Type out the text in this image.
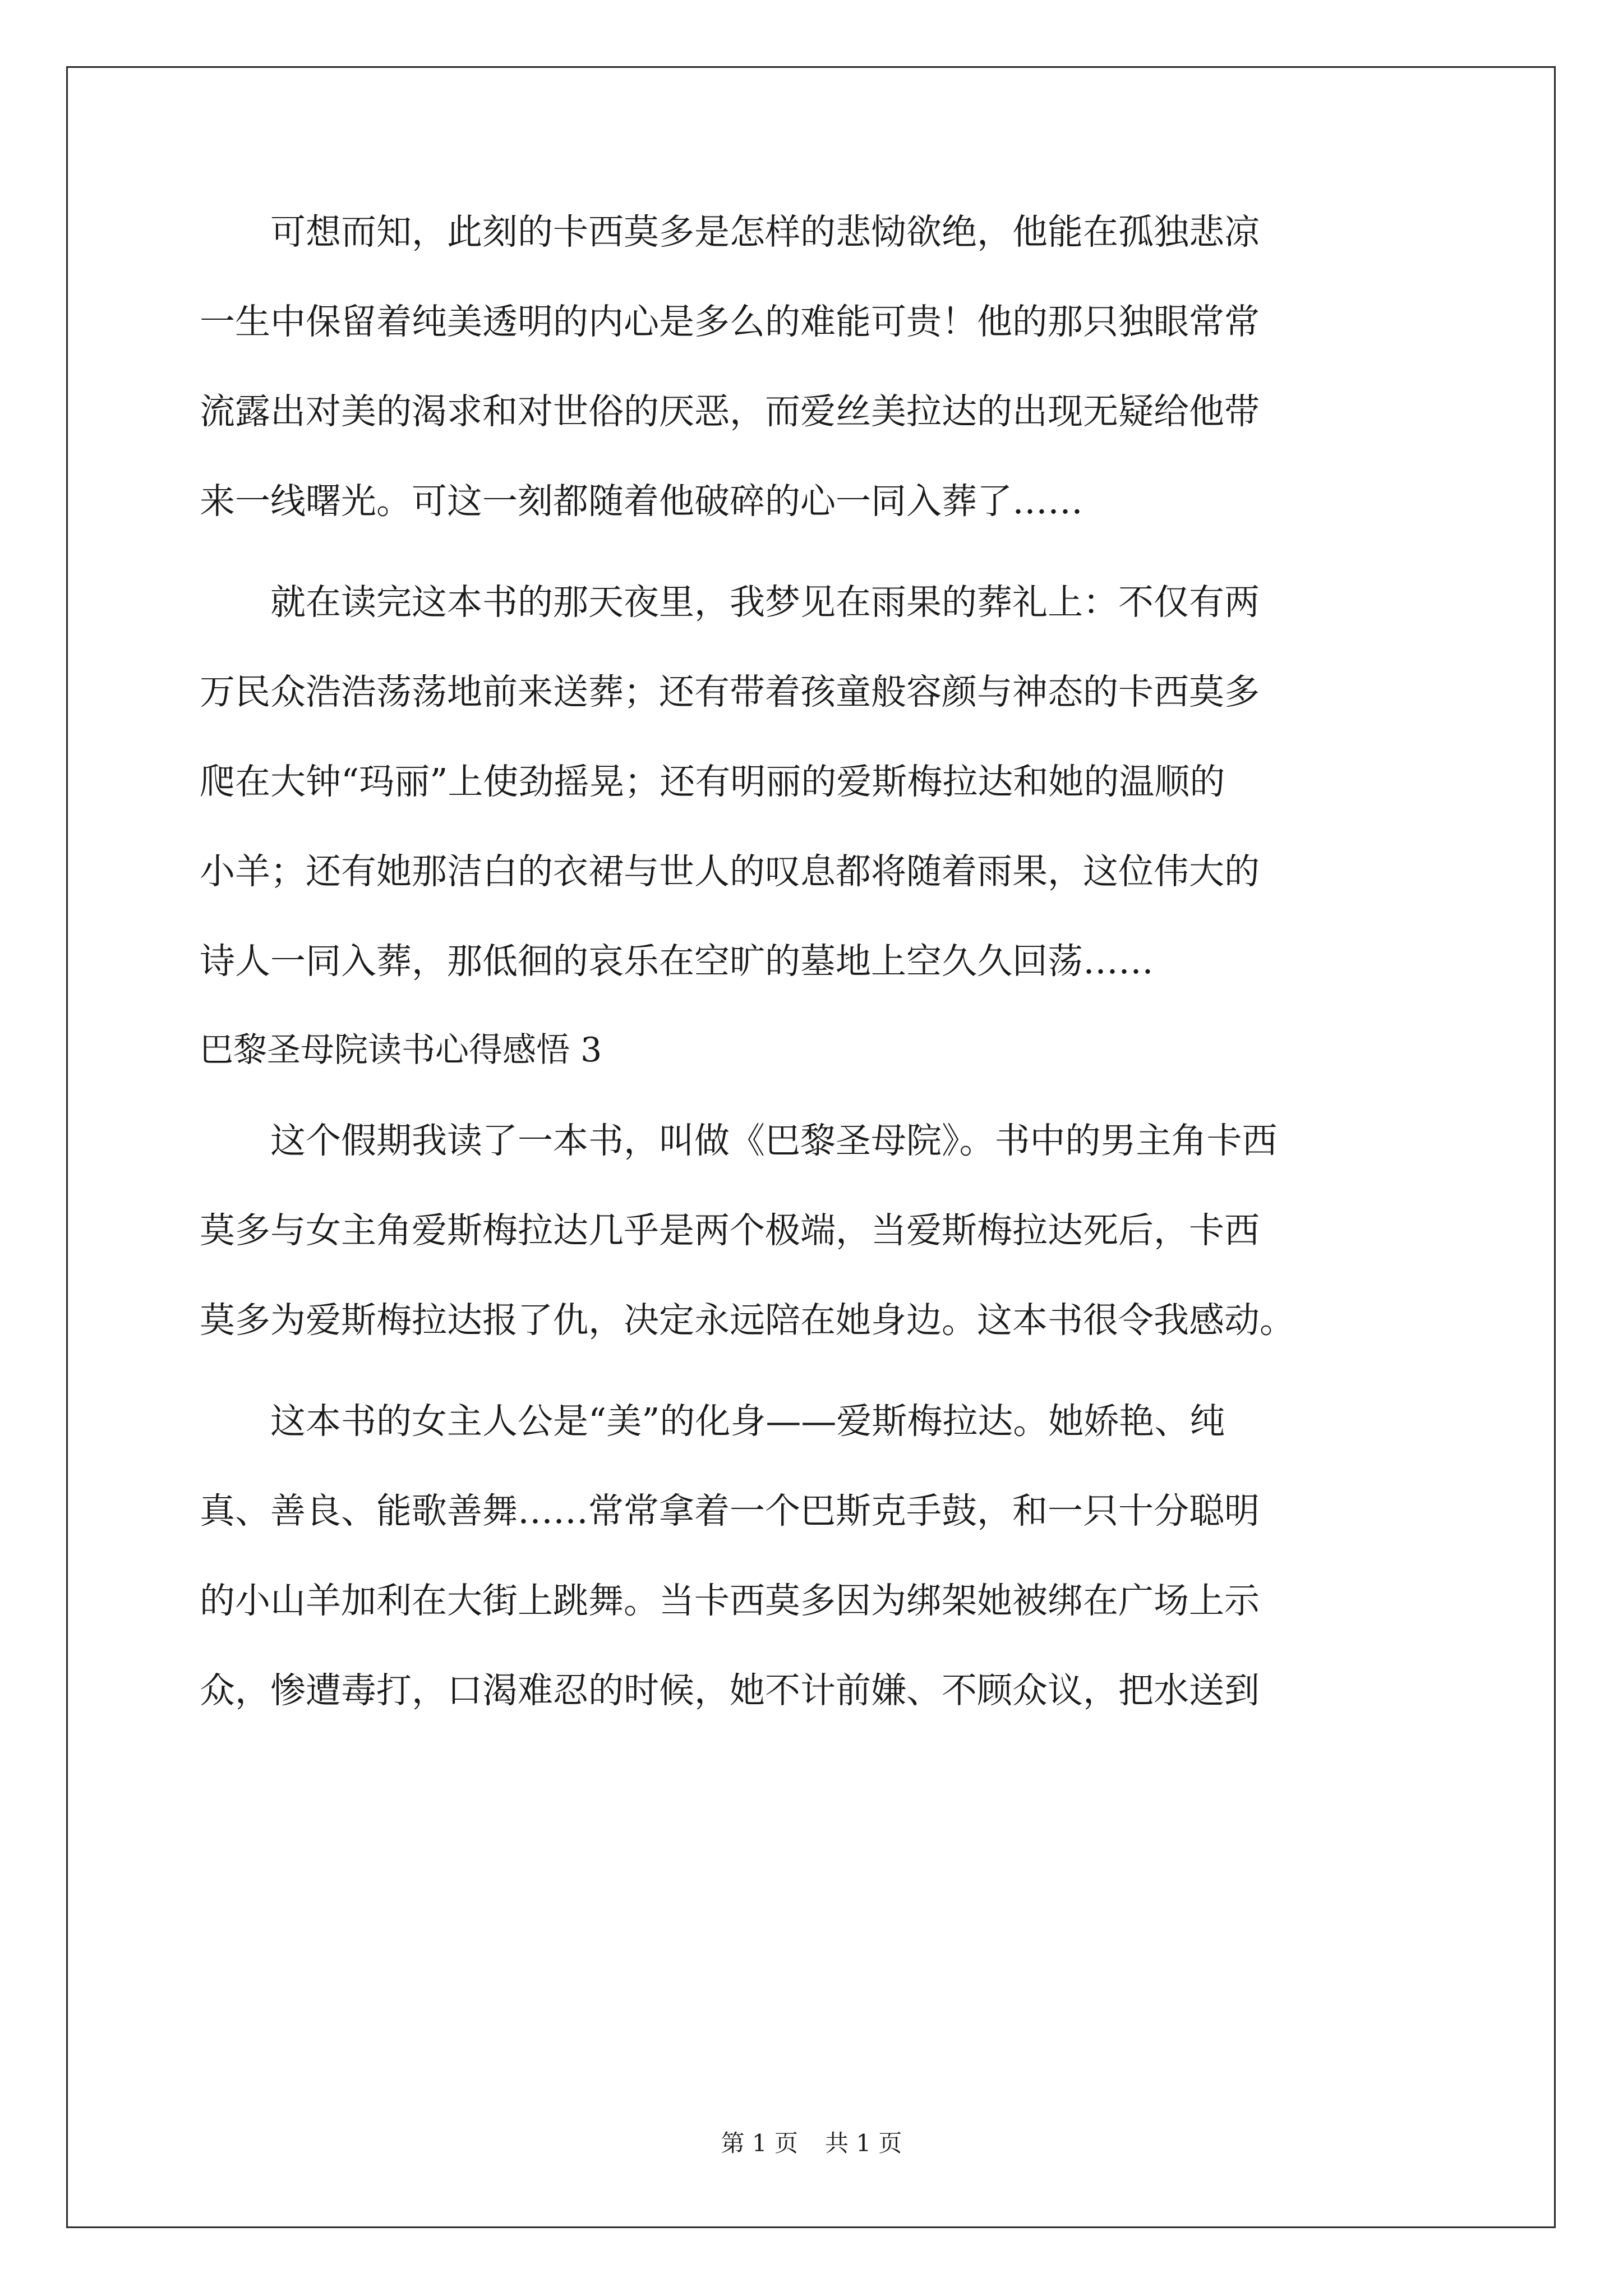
　　可想而知，此刻的卡西莫多是怎样的悲恸欲绝，他能在孤独悲凉
一生中保留着纯美透明的内心是多么的难能可贵！他的那只独眼常常
流露出对美的渴求和对世俗的厌恶，而爱丝美拉达的出现无疑给他带
来一线曙光。可这一刻都随着他破碎的心一同入葬了……
　　就在读完这本书的那天夜里，我梦见在雨果的葬礼上：不仅有两
万民众浩浩荡荡地前来送葬；还有带着孩童般容颜与神态的卡西莫多
爬在大钟“玛丽”上使劲摇晃；还有明丽的爱斯梅拉达和她的温顺的
小羊；还有她那洁白的衣裙与世人的叹息都将随着雨果，这位伟大的
诗人一同入葬，那低徊的哀乐在空旷的墓地上空久久回荡……
巴黎圣母院读书心得感悟 3
　　这个假期我读了一本书，叫做《巴黎圣母院》。书中的男主角卡西
莫多与女主角爱斯梅拉达几乎是两个极端，当爱斯梅拉达死后，卡西
莫多为爱斯梅拉达报了仇，决定永远陪在她身边。这本书很令我感动。
　　这本书的女主人公是“美”的化身——爱斯梅拉达。她娇艳、纯
真、善良、能歌善舞……常常拿着一个巴斯克手鼓，和一只十分聪明
的小山羊加利在大街上跳舞。当卡西莫多因为绑架她被绑在广场上示
众，惨遭毒打，口渴难忍的时候，她不计前嫌、不顾众议，把水送到
第 1 页 共 1 页
